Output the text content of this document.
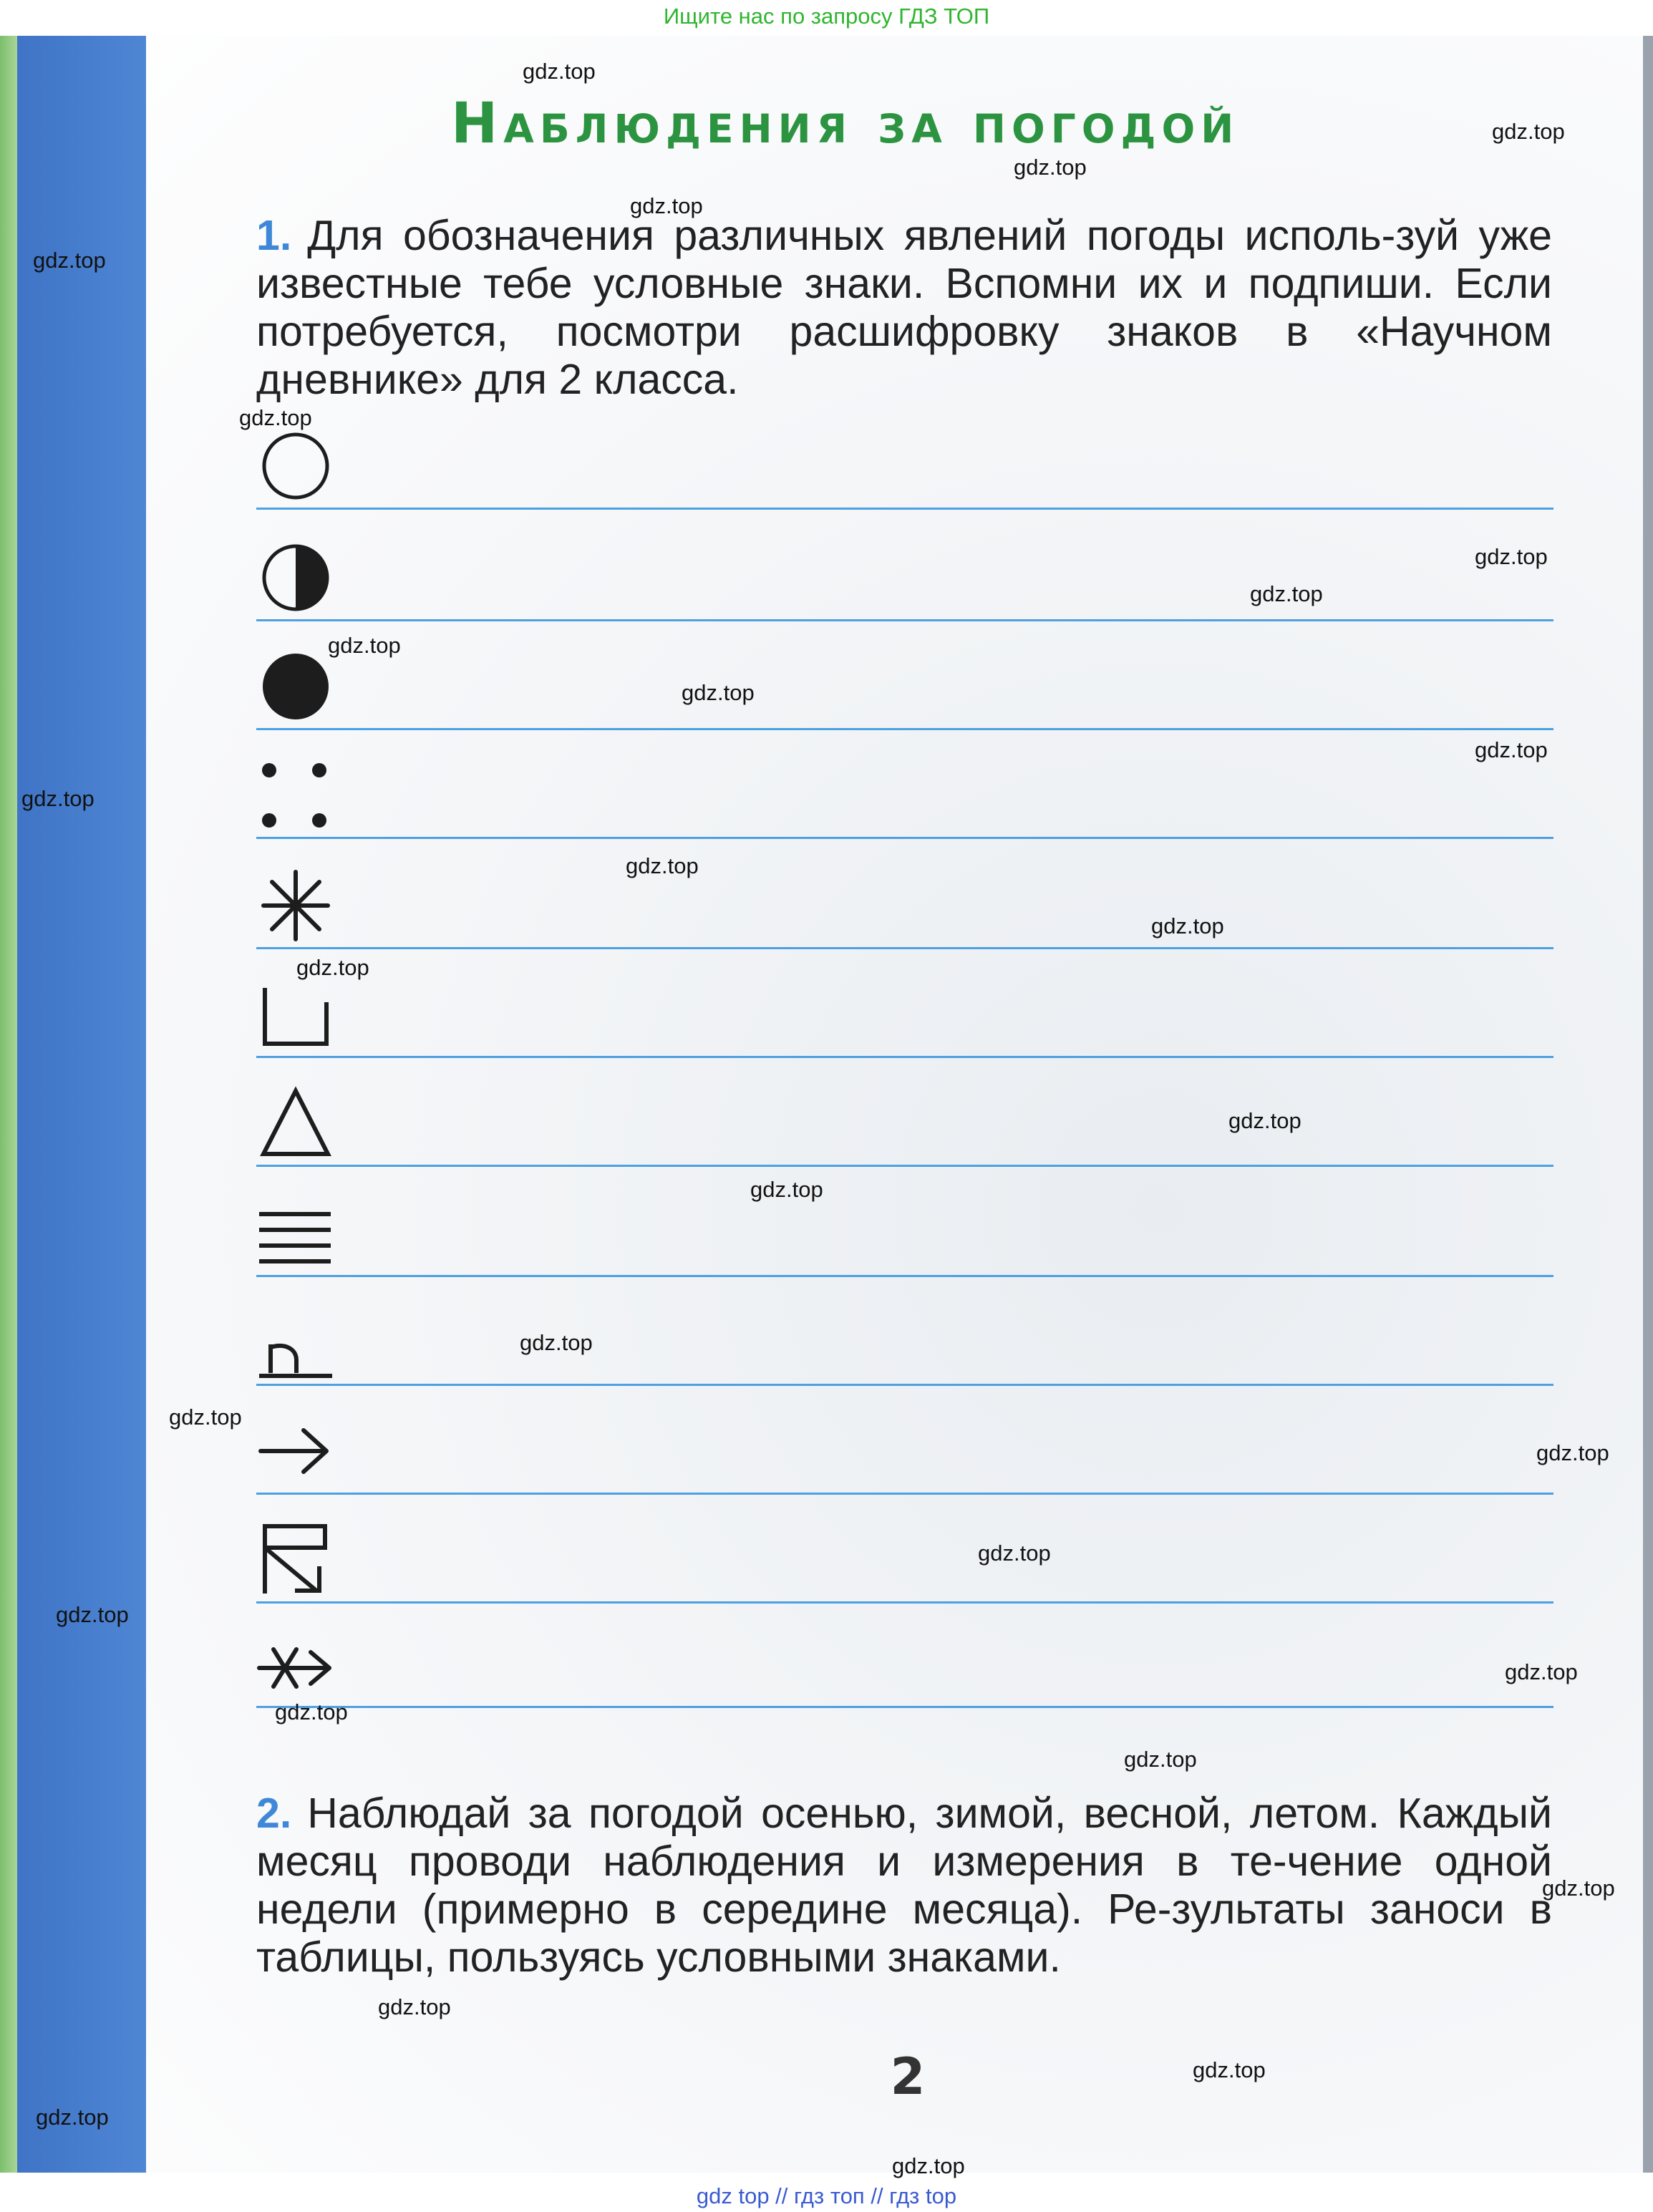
Ищите нас по запросу ГДЗ ТОП
Наблюдения за погодой
1. Для обозначения различных явлений погоды исполь-зуй уже известные тебе условные знаки. Вспомни их и подпиши. Если потребуется, посмотри расшифровку знаков в «Научном дневнике» для 2 класса.
2. Наблюдай за погодой осенью, зимой, весной, летом. Каждый месяц проводи наблюдения и измерения в те-чение одной недели (примерно в середине месяца). Ре-зультаты заноси в таблицы, пользуясь условными знаками.
2
gdz.top
gdz.top
gdz.top
gdz.top
gdz.top
gdz.top
gdz.top
gdz.top
gdz.top
gdz.top
gdz.top
gdz.top
gdz.top
gdz.top
gdz.top
gdz.top
gdz.top
gdz.top
gdz.top
gdz.top
gdz.top
gdz.top
gdz.top
gdz.top
gdz.top
gdz.top
gdz.top
gdz.top
gdz.top
gdz.top
gdz top // гдз топ // гдз top
